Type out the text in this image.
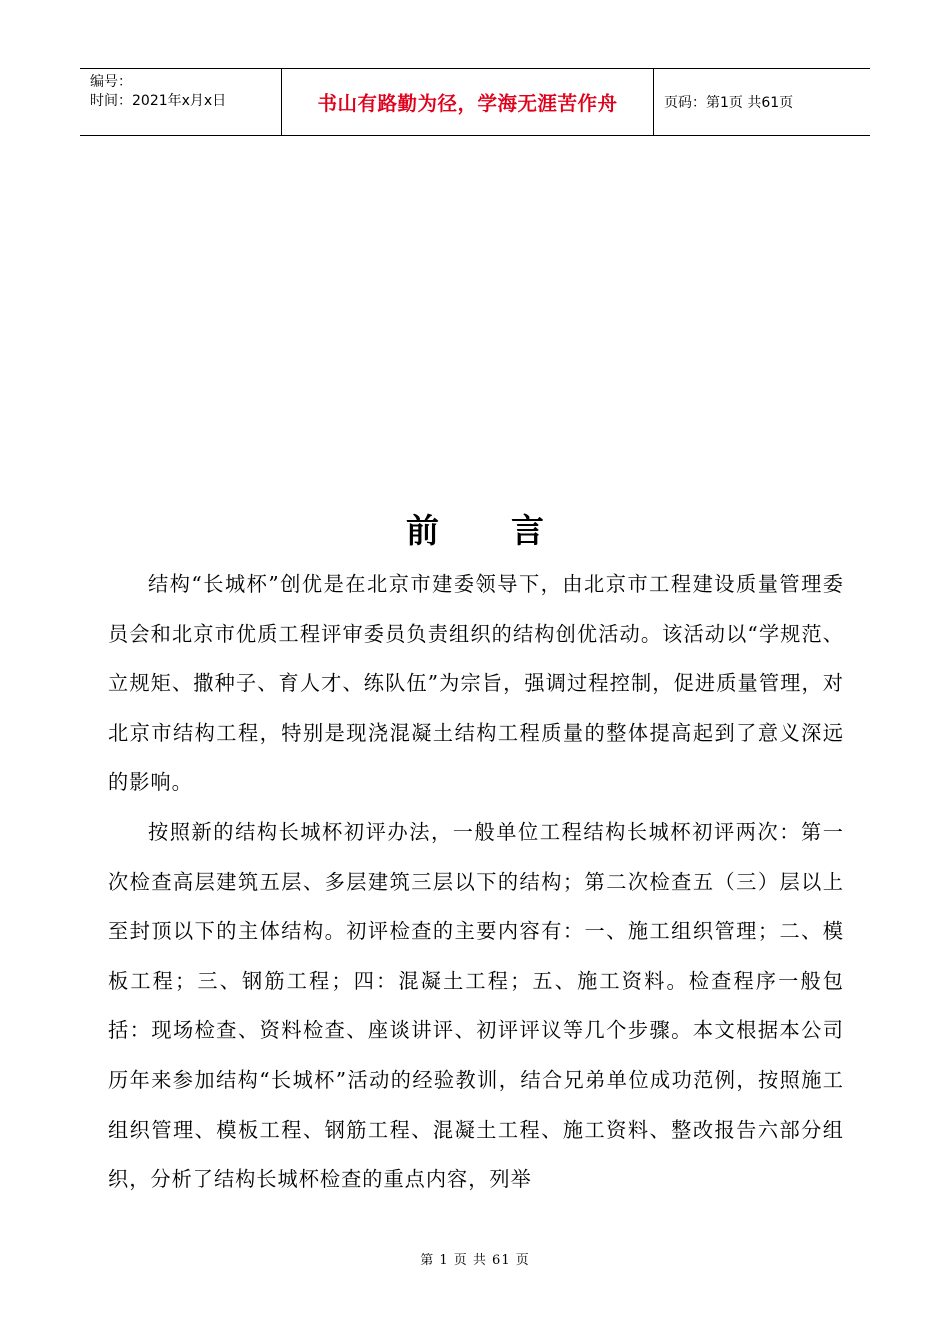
编号：
时间：2021年x月x日	书山有路勤为径，学海无涯苦作舟	页码：第1页 共61页
前言

结构“长城杯”创优是在北京市建委领导下，由北京市工程建设质量管理委员会和北京市优质工程评审委员负责组织的结构创优活动。该活动以“学规范、立规矩、撒种子、育人才、练队伍”为宗旨，强调过程控制，促进质量管理，对北京市结构工程，特别是现浇混凝土结构工程质量的整体提高起到了意义深远的影响。

按照新的结构长城杯初评办法，一般单位工程结构长城杯初评两次：第一次检查高层建筑五层、多层建筑三层以下的结构；第二次检查五（三）层以上至封顶以下的主体结构。初评检查的主要内容有：一、施工组织管理；二、模板工程；三、钢筋工程；四：混凝土工程；五、施工资料。检查程序一般包括：现场检查、资料检查、座谈讲评、初评评议等几个步骤。本文根据本公司历年来参加结构“长城杯”活动的经验教训，结合兄弟单位成功范例，按照施工组织管理、模板工程、钢筋工程、混凝土工程、施工资料、整改报告六部分组织，分析了结构长城杯检查的重点内容，列举

第 1 页 共 61 页
